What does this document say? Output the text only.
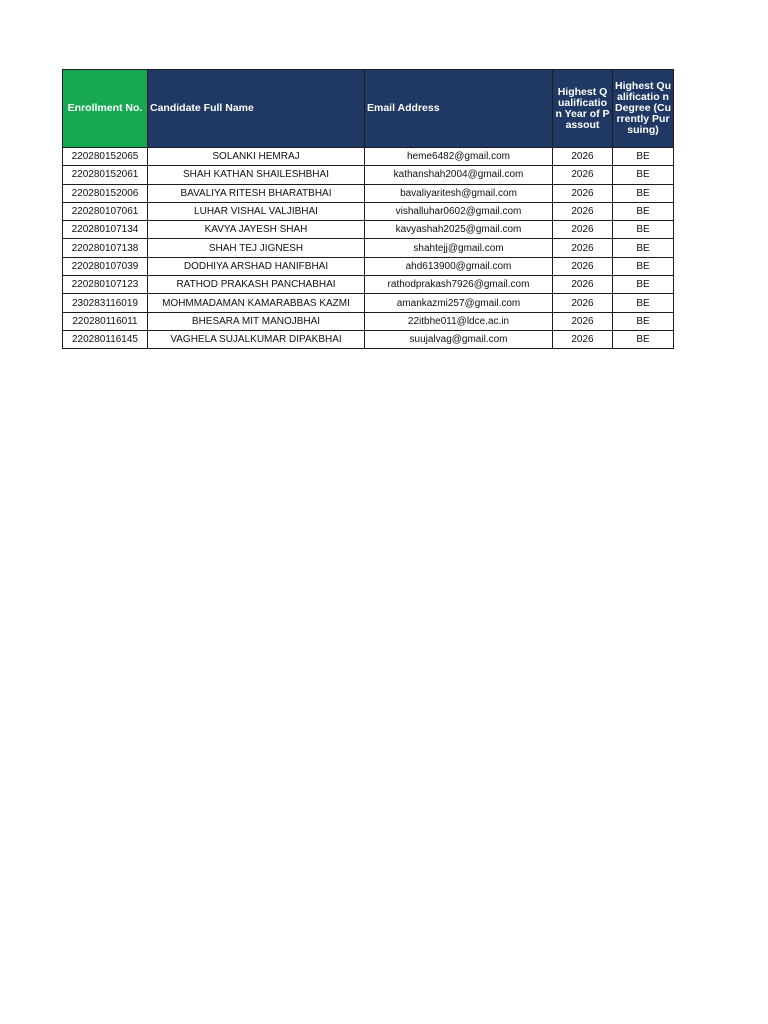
Enrollment No.	Candidate Full Name	Email Address	Highest Qualificatio n Year of Passout	Highest Qualificatio n Degree (Currently Pursuing)
220280152065	SOLANKI HEMRAJ	heme6482@gmail.com	2026	BE
220280152061	SHAH KATHAN SHAILESHBHAI	kathanshah2004@gmail.com	2026	BE
220280152006	BAVALIYA RITESH BHARATBHAI	bavaliyaritesh@gmail.com	2026	BE
220280107061	LUHAR VISHAL VALJIBHAI	vishalluhar0602@gmail.com	2026	BE
220280107134	KAVYA JAYESH SHAH	kavyashah2025@gmail.com	2026	BE
220280107138	SHAH TEJ JIGNESH	shahtejj@gmail.com	2026	BE
220280107039	DODHIYA ARSHAD HANIFBHAI	ahd613900@gmail.com	2026	BE
220280107123	RATHOD PRAKASH PANCHABHAI	rathodprakash7926@gmail.com	2026	BE
230283116019	MOHMMADAMAN KAMARABBAS KAZMI	amankazmi257@gmail.com	2026	BE
220280116011	BHESARA MIT MANOJBHAI	22itbhe011@ldce.ac.in	2026	BE
220280116145	VAGHELA SUJALKUMAR DIPAKBHAI	suujalvag@gmail.com	2026	BE
